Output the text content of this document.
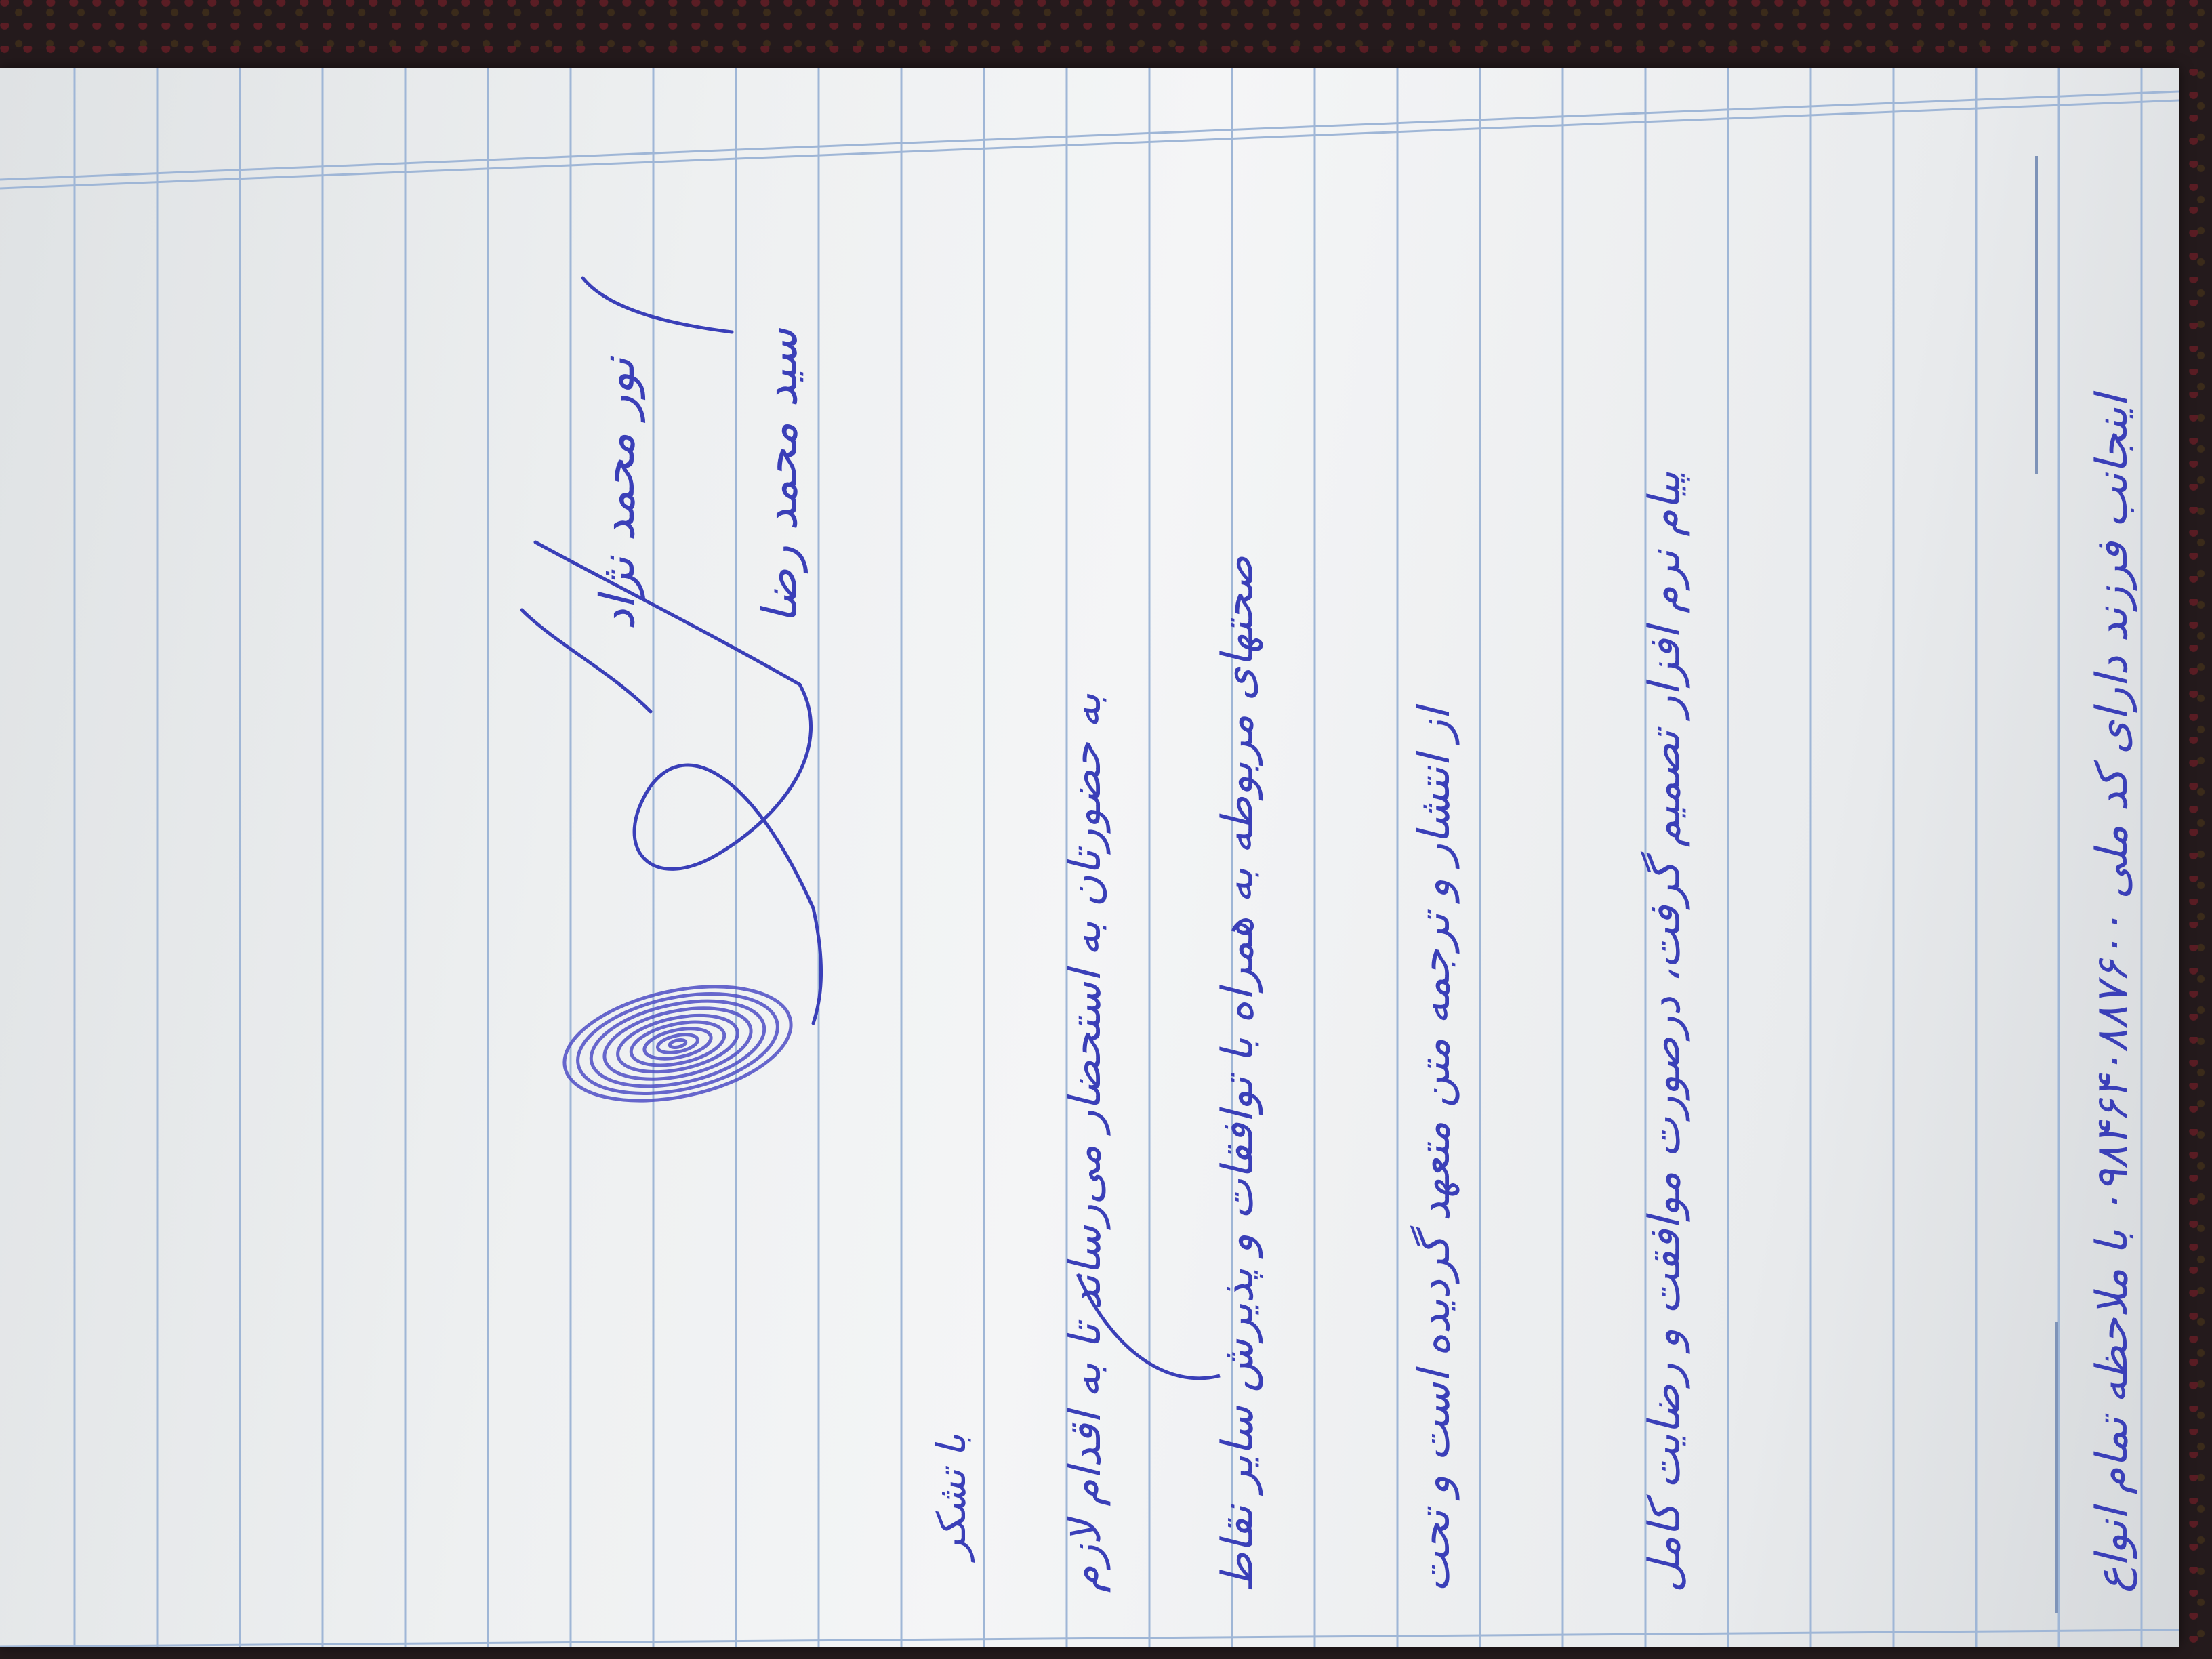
اینجانب فرزند دارای کد ملی ۰۹۸۴۶۴۰۸۸۷۶۰۰ با ملاحظه تمام انواع
پیام نرم افزار تصمیم گرفت، درصورت موافقت و رضایت کامل
از انتشار و ترجمه متن متعهد گردیده است و تحت
صحتهای مربوطه به همراه با توافقات و پذیرش سایر نقاط
به حضورتان به استحضار می‌رساند تا به اقدام لازم
با تشکر
سید محمد رضا
نور محمد نژاد
